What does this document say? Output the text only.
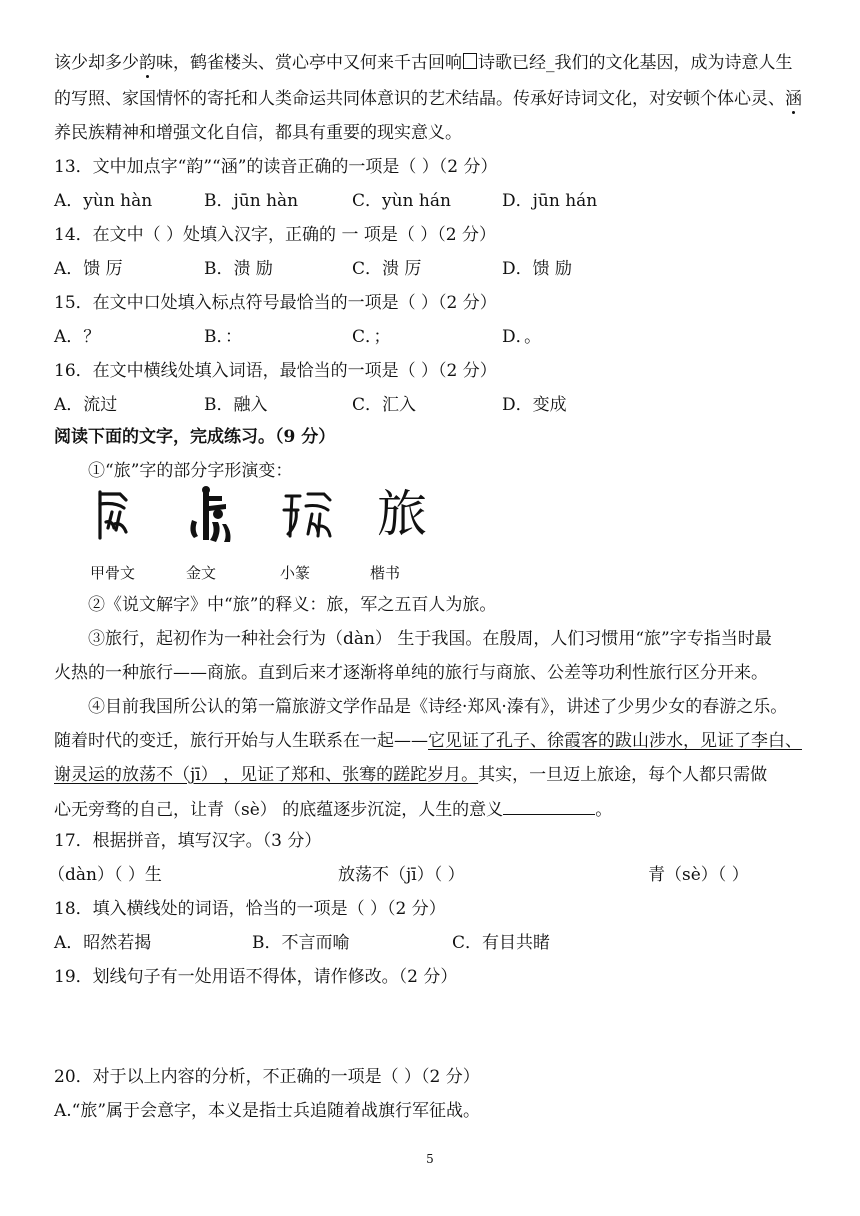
该少却多少韵味，鹤雀楼头、赏心亭中又何来千古回响 诗歌已经_我们的文化基因，成为诗意人生
的写照、家国情怀的寄托和人类命运共同体意识的艺术结晶。传承好诗词文化，对安顿个体心灵、涵
养民族精神和增强文化自信，都具有重要的现实意义。
13．文中加点字“韵”“涵”的读音正确的一项是（ ）（2 分）
A．yùn hàn	B．jūn hàn	C．yùn hán	D．jūn hán
14．在文中（ ）处填入汉字，正确的 一 项是（ ）（2 分）
A．馈 厉	B．溃 励	C．溃 厉	D．馈 励
15．在文中口处填入标点符号最恰当的一项是（ ）（2 分）
A．？	B．：	C．；	D．。
16．在文中横线处填入词语，最恰当的一项是（ ）（2 分）
A．流过	B．融入	C．汇入	D．变成
阅读下面的文字，完成练习。（9 分）
①“旅”字的部分字形演变：
旅
甲骨文	金文	小篆	楷书
②《说文解字》中“旅”的释义：旅，军之五百人为旅。
③旅行，起初作为一种社会行为（dàn） 生于我国。在殷周，人们习惯用“旅”字专指当时最
火热的一种旅行——商旅。直到后来才逐渐将单纯的旅行与商旅、公差等功利性旅行区分开来。
④目前我国所公认的第一篇旅游文学作品是《诗经·郑风·溱有》，讲述了少男少女的春游之乐。
随着时代的变迁，旅行开始与人生联系在一起——它见证了孔子、徐霞客的跋山涉水，见证了李白、
谢灵运的放荡不（jī） ，见证了郑和、张骞的蹉跎岁月。其实，一旦迈上旅途，每个人都只需做
心无旁骛的自己，让青（sè） 的底蕴逐步沉淀，人生的意义	。
17．根据拼音，填写汉字。（3 分）
（dàn）（ ）生	放荡不（jī）（ ）	青（sè）（ ）
18．填入横线处的词语，恰当的一项是（ ）（2 分）
A．昭然若揭	B．不言而喻	C．有目共睹
19．划线句子有一处用语不得体，请作修改。（2 分）
20．对于以上内容的分析，不正确的一项是（ ）（2 分）
A.“旅”属于会意字，本义是指士兵追随着战旗行军征战。
5
